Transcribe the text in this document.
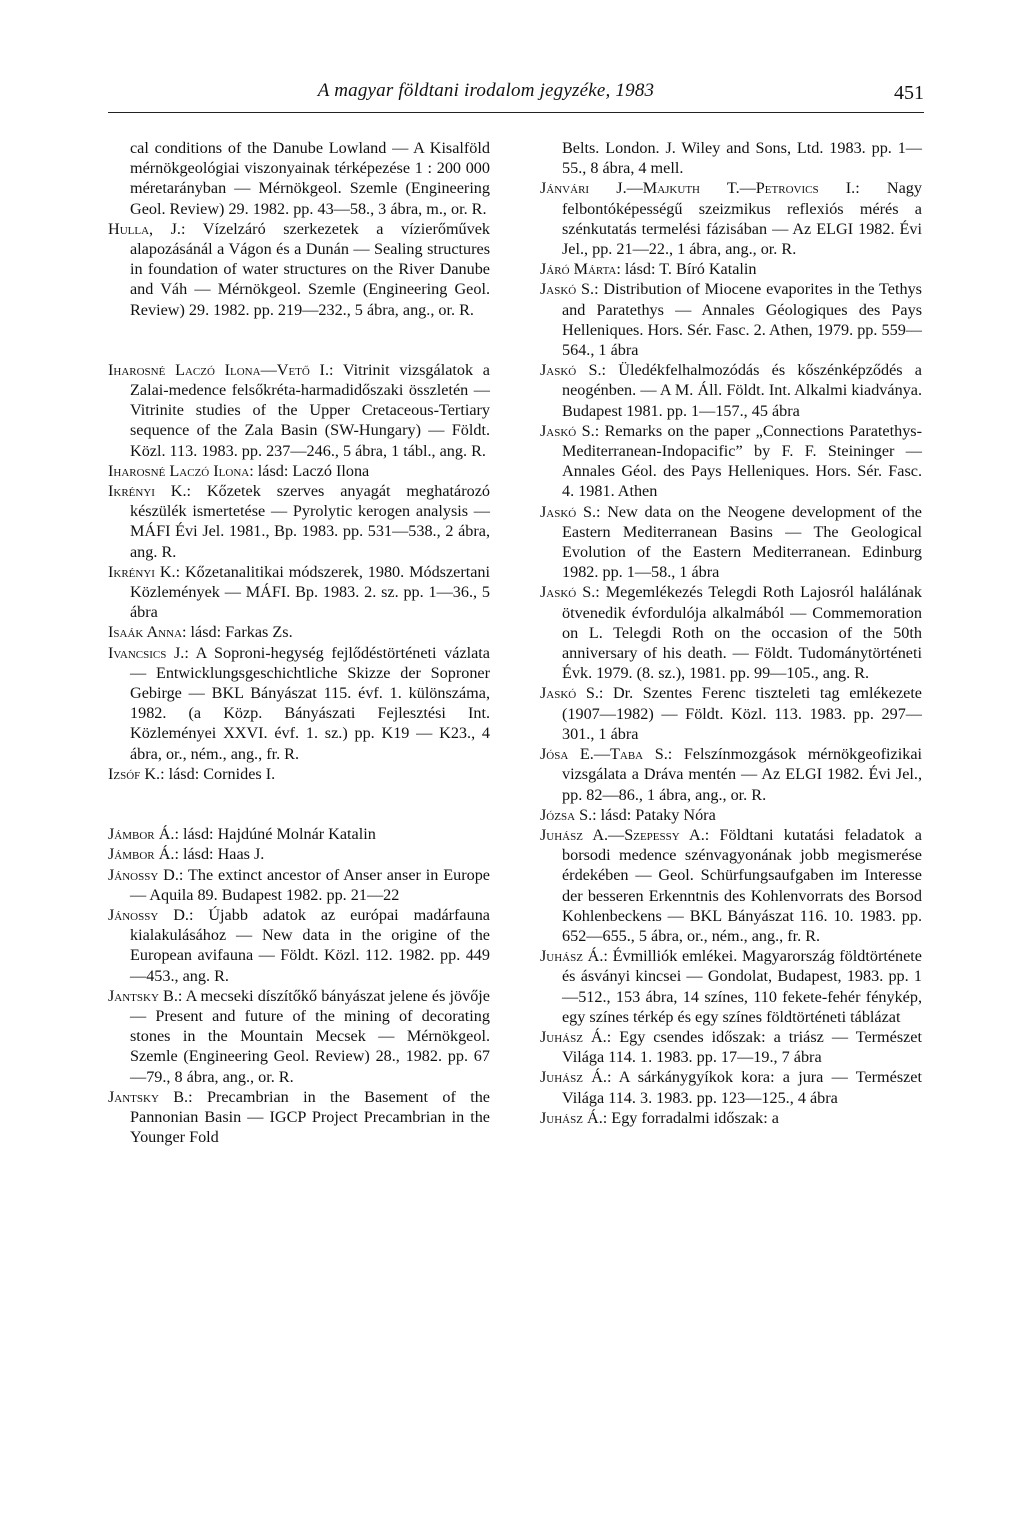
A magyar földtani irodalom jegyzéke, 1983	451

cal conditions of the Danube Lowland — A Kisalföld mérnökgeológiai viszonyainak térképezése 1 : 200 000 méretarányban — Mérnökgeol. Szemle (Engineering Geol. Review) 29. 1982. pp. 43—58., 3 ábra, m., or. R.

Hulla, J.: Vízelzáró szerkezetek a vízierőművek alapozásánál a Vágon és a Dunán — Sealing structures in foundation of water structures on the River Danube and Váh — Mérnökgeol. Szemle (Engineering Geol. Review) 29. 1982. pp. 219—232., 5 ábra, ang., or. R.

Iharosné Laczó Ilona—Vető I.: Vitrinit vizsgálatok a Zalai-medence felsőkréta-harmadidőszaki összletén — Vitrinite studies of the Upper Cretaceous-Tertiary sequence of the Zala Basin (SW-Hungary) — Földt. Közl. 113. 1983. pp. 237—246., 5 ábra, 1 tábl., ang. R.

Iharosné Laczó Ilona: lásd: Laczó Ilona

Ikrényi K.: Kőzetek szerves anyagát meghatározó készülék ismertetése — Pyrolytic kerogen analysis — MÁFI Évi Jel. 1981., Bp. 1983. pp. 531—538., 2 ábra, ang. R.

Ikrényi K.: Kőzetanalitikai módszerek, 1980. Módszertani Közlemények — MÁFI. Bp. 1983. 2. sz. pp. 1—36., 5 ábra

Isaák Anna: lásd: Farkas Zs.

Ivancsics J.: A Soproni-hegység fejlődéstörténeti vázlata — Entwicklungsgeschichtliche Skizze der Soproner Gebirge — BKL Bányászat 115. évf. 1. különszáma, 1982. (a Közp. Bányászati Fejlesztési Int. Közleményei XXVI. évf. 1. sz.) pp. K19 — K23., 4 ábra, or., ném., ang., fr. R.

Izsóf K.: lásd: Cornides I.

Jámbor Á.: lásd: Hajdúné Molnár Katalin

Jámbor Á.: lásd: Haas J.

Jánossy D.: The extinct ancestor of Anser anser in Europe — Aquila 89. Budapest 1982. pp. 21—22

Jánossy D.: Újabb adatok az európai madárfauna kialakulásához — New data in the origine of the European avifauna — Földt. Közl. 112. 1982. pp. 449—453., ang. R.

Jantsky B.: A mecseki díszítőkő bányászat jelene és jövője — Present and future of the mining of decorating stones in the Mountain Mecsek — Mérnökgeol. Szemle (Engineering Geol. Review) 28., 1982. pp. 67—79., 8 ábra, ang., or. R.

Jantsky B.: Precambrian in the Basement of the Pannonian Basin — IGCP Project Precambrian in the Younger Fold

Belts. London. J. Wiley and Sons, Ltd. 1983. pp. 1—55., 8 ábra, 4 mell.

Jánvári J.—Majkuth T.—Petrovics I.: Nagy felbontóképességű szeizmikus reflexiós mérés a szénkutatás termelési fázisában — Az ELGI 1982. Évi Jel., pp. 21—22., 1 ábra, ang., or. R.

Járó Márta: lásd: T. Bíró Katalin

Jaskó S.: Distribution of Miocene evaporites in the Tethys and Paratethys — Annales Géologiques des Pays Helleniques. Hors. Sér. Fasc. 2. Athen, 1979. pp. 559—564., 1 ábra

Jaskó S.: Üledékfelhalmozódás és kőszénképződés a neogénben. — A M. Áll. Földt. Int. Alkalmi kiadványa. Budapest 1981. pp. 1—157., 45 ábra

Jaskó S.: Remarks on the paper „Connections Paratethys-Mediterranean-Indopacific” by F. F. Steininger — Annales Géol. des Pays Helleniques. Hors. Sér. Fasc. 4. 1981. Athen

Jaskó S.: New data on the Neogene development of the Eastern Mediterranean Basins — The Geological Evolution of the Eastern Mediterranean. Edinburg 1982. pp. 1—58., 1 ábra

Jaskó S.: Megemlékezés Telegdi Roth Lajosról halálának ötvenedik évfordulója alkalmából — Commemoration on L. Telegdi Roth on the occasion of the 50th anniversary of his death. — Földt. Tudománytörténeti Évk. 1979. (8. sz.), 1981. pp. 99—105., ang. R.

Jaskó S.: Dr. Szentes Ferenc tiszteleti tag emlékezete (1907—1982) — Földt. Közl. 113. 1983. pp. 297—301., 1 ábra

Jósa E.—Taba S.: Felszínmozgások mérnökgeofizikai vizsgálata a Dráva mentén — Az ELGI 1982. Évi Jel., pp. 82—86., 1 ábra, ang., or. R.

Józsa S.: lásd: Pataky Nóra

Juhász A.—Szepessy A.: Földtani kutatási feladatok a borsodi medence szénvagyonának jobb megismerése érdekében — Geol. Schürfungsaufgaben im Interesse der besseren Erkenntnis des Kohlenvorrats des Borsod Kohlenbeckens — BKL Bányászat 116. 10. 1983. pp. 652—655., 5 ábra, or., ném., ang., fr. R.

Juhász Á.: Évmilliók emlékei. Magyarország földtörténete és ásványi kincsei — Gondolat, Budapest, 1983. pp. 1—512., 153 ábra, 14 színes, 110 fekete-fehér fénykép, egy színes térkép és egy színes földtörténeti táblázat

Juhász Á.: Egy csendes időszak: a triász — Természet Világa 114. 1. 1983. pp. 17—19., 7 ábra

Juhász Á.: A sárkánygyíkok kora: a jura — Természet Világa 114. 3. 1983. pp. 123—125., 4 ábra

Juhász Á.: Egy forradalmi időszak: a
